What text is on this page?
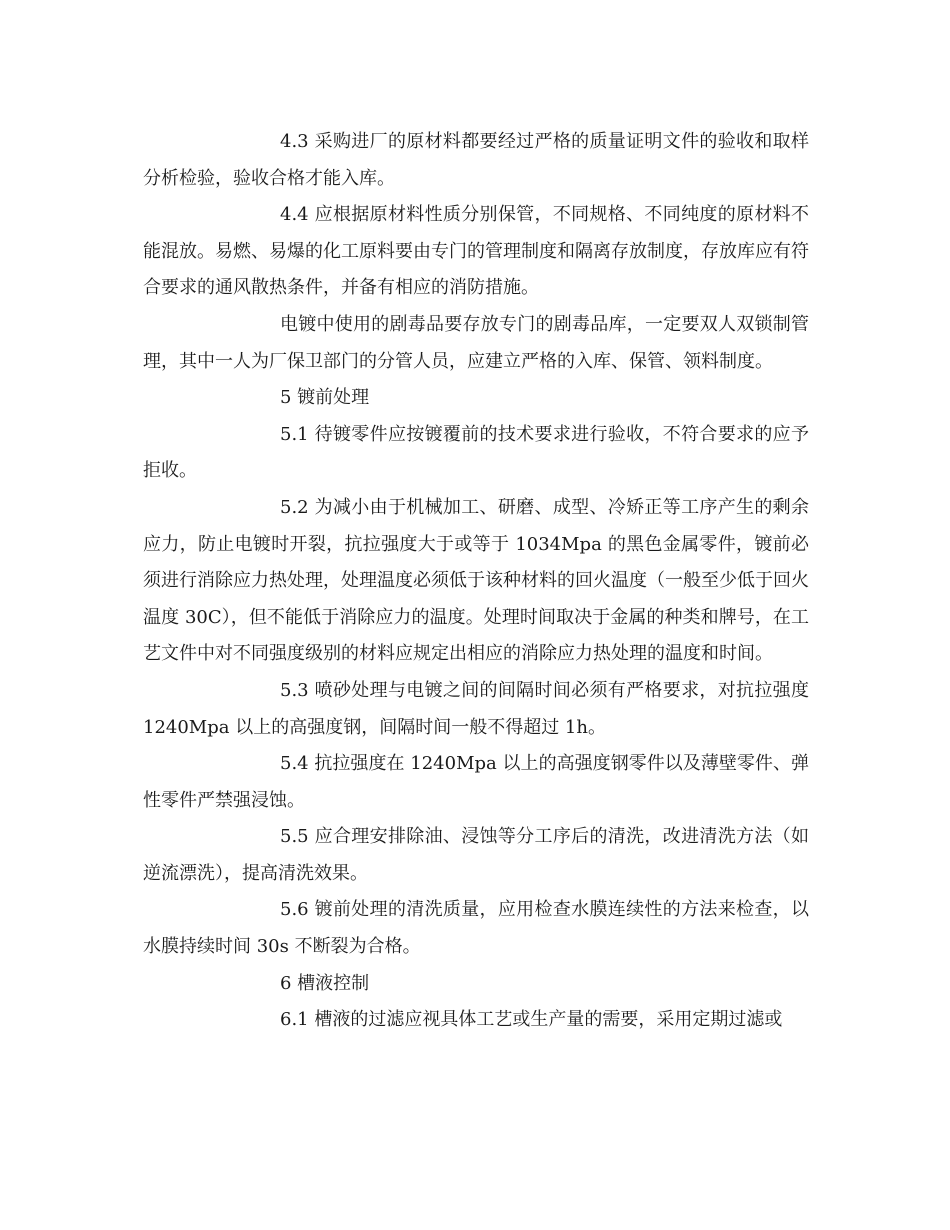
4.3 采购进厂的原材料都要经过严格的质量证明文件的验收和取样分析检验，验收合格才能入库。

4.4 应根据原材料性质分别保管，不同规格、不同纯度的原材料不能混放。易燃、易爆的化工原料要由专门的管理制度和隔离存放制度，存放库应有符合要求的通风散热条件，并备有相应的消防措施。

电镀中使用的剧毒品要存放专门的剧毒品库，一定要双人双锁制管理，其中一人为厂保卫部门的分管人员，应建立严格的入库、保管、领料制度。

5 镀前处理

5.1 待镀零件应按镀覆前的技术要求进行验收，不符合要求的应予拒收。

5.2 为减小由于机械加工、研磨、成型、冷矫正等工序产生的剩余应力，防止电镀时开裂，抗拉强度大于或等于 1034Mpa 的黑色金属零件，镀前必须进行消除应力热处理，处理温度必须低于该种材料的回火温度（一般至少低于回火温度 30C），但不能低于消除应力的温度。处理时间取决于金属的种类和牌号，在工艺文件中对不同强度级别的材料应规定出相应的消除应力热处理的温度和时间。

5.3 喷砂处理与电镀之间的间隔时间必须有严格要求，对抗拉强度 1240Mpa 以上的高强度钢，间隔时间一般不得超过 1h。

5.4 抗拉强度在 1240Mpa 以上的高强度钢零件以及薄壁零件、弹性零件严禁强浸蚀。

5.5 应合理安排除油、浸蚀等分工序后的清洗，改进清洗方法（如逆流漂洗），提高清洗效果。

5.6 镀前处理的清洗质量，应用检查水膜连续性的方法来检查，以水膜持续时间 30s 不断裂为合格。

6 槽液控制

6.1 槽液的过滤应视具体工艺或生产量的需要，采用定期过滤或
